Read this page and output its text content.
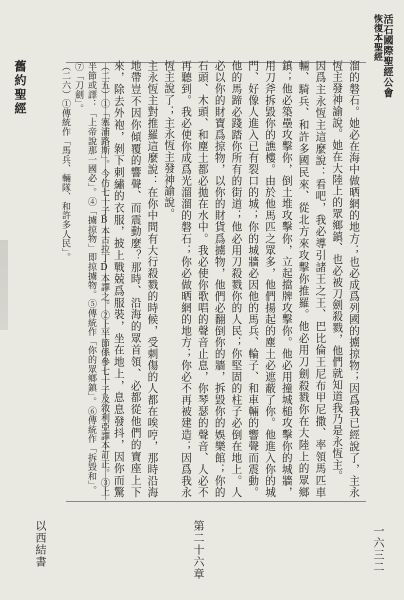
活石國際聖經公會
恢復本聖經
舊約聖經	溜的磐石。她必在海中做晒網的地方；也必成爲列國的擄掠物；因爲我已經說了，主永恆主發神諭說。她在大陸上的眾鄉鎮、也必被刀劍殺戮，他們就知道我乃是永恆主。

因爲主永恆主這麼說：看吧，我必導引諸王之王、巴比倫王尼布甲尼撒、率領馬匹車輛、騎兵、和許多國民來、從北方來攻擊你推羅。他必用刀劍殺戮你在大陸上的眾鄉鎮；他必築壘攻擊你，倒土堆攻擊你，立起擋牌攻擊你。他必用撞城槌攻擊你的城牆，用刀斧拆毀你的譙樓。由於他馬匹之眾多，他們揚起的塵土必遮蔽了你。他進入你的城門、好像人進入已有裂口的城；你的城牆必因他的馬兵、輪子、和車輛的響聲而震動。他的馬蹄必踐踏你所有的街道；他必用刀殺戮你的人民；你堅固的柱子必倒在地上。人必以你的財寶爲掠物，以你的財貨爲擄物，他們必翻倒你的牆，拆毀你的娛樂館；你的石頭、木頭、和塵土都必拋在水中。我必使你歌唱的聲音止息，你琴瑟的聲音、人必不再聽到。我必使你成爲光溜溜的磐石；你必做晒網的地方；你必不再被建造；因爲我永恆主說了；主永恆主發神諭說。

主永恆主對推羅這麼說：在你中間有大行殺戮的時候，受刺傷的人都在唉哼，那時沿海地帶豈不因你傾覆的響聲、而震動麼？那時、沿海的眾首領、必都從他們的寶座上下來，除去外袍，剝下刺繡的衣服，披上戰兢爲服裝，坐在地上，息息發抖，因你而驚

（二五）①「塞浦路斯」。今仿七十子B本古拉丁D本譯之。②上半節係參七十子及敘利亞譯本訂正。③上半節或譯：「上帝說那一國必」。④「擄掠物」即掠擄物。⑤傳統作「你的眾鄉鎮」。⑥傳統作「拆毀和」。⑦「刀劍」。

（二六）①傳統作「馬兵、輛隊、和許多人民」。

以西結書	第二十六章	一六三二
